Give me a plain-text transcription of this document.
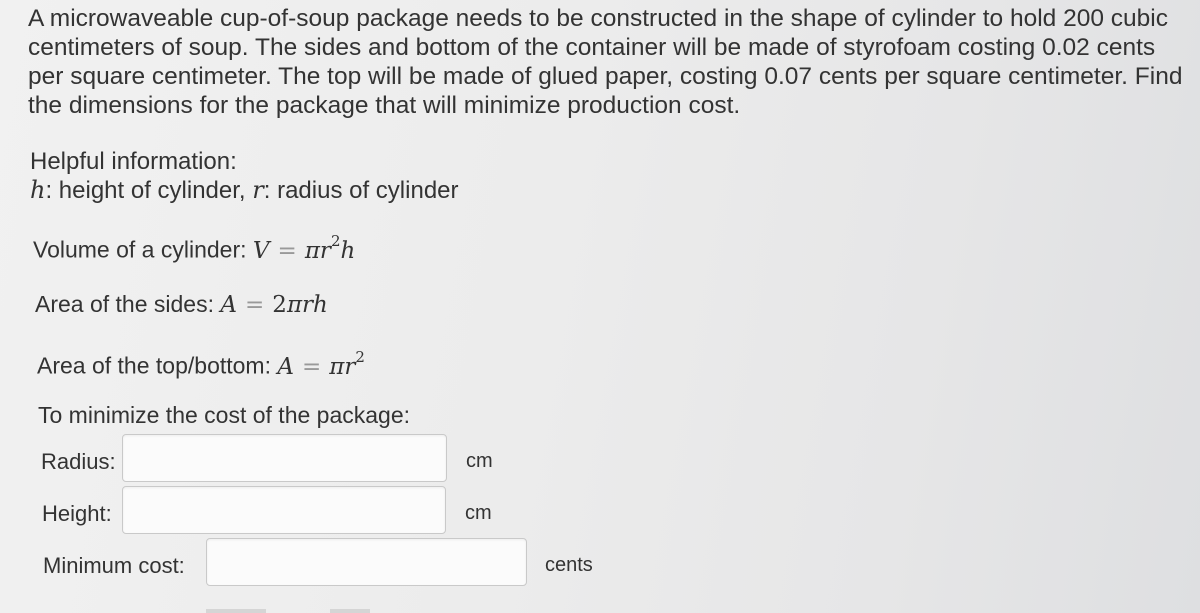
A microwaveable cup-of-soup package needs to be constructed in the shape of cylinder to hold 200 cubic centimeters of soup. The sides and bottom of the container will be made of styrofoam costing 0.02 cents per square centimeter. The top will be made of glued paper, costing 0.07 cents per square centimeter. Find the dimensions for the package that will minimize production cost.
Helpful information:
h: height of cylinder, r: radius of cylinder
Volume of a cylinder: $V = \pi r^2h$
Area of the sides: A = 2πrh
Area of the top/bottom: $A = \pi r^2$
To minimize the cost of the package:
Radius:	cm
Height:	cm
Minimum cost:	cents
